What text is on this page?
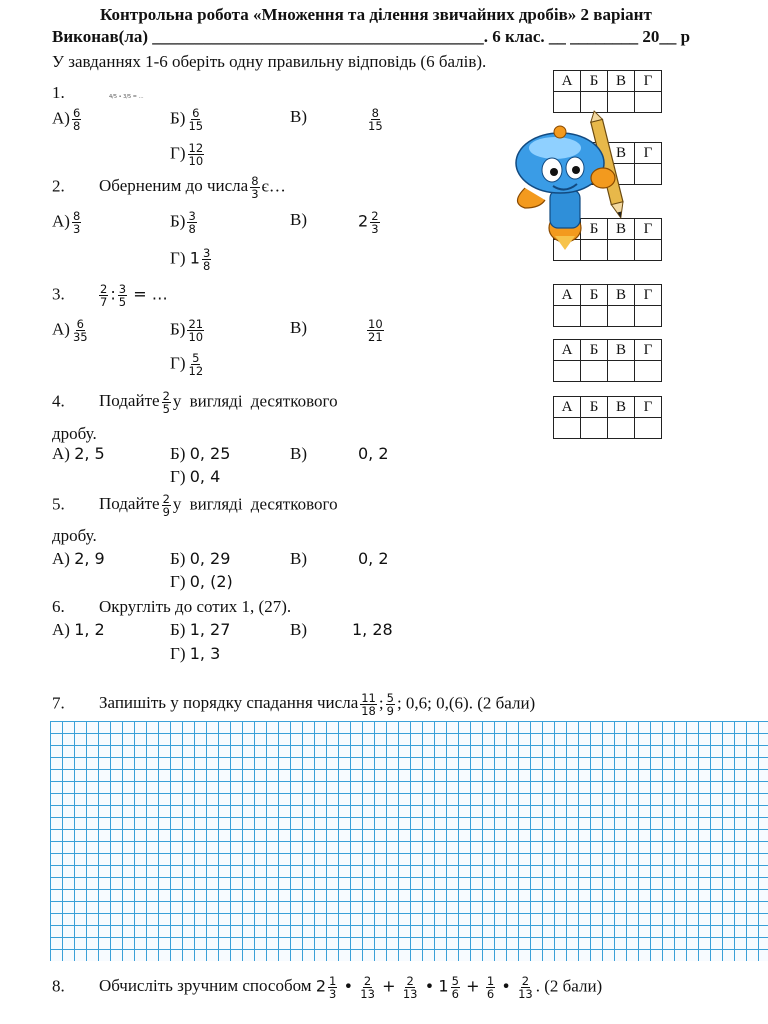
Контрольна робота «Множення та ділення звичайних дробів» 2 варіант
Виконав(ла) _______________________________________. 6 клас. __ ________ 20__ р
У завданнях 1-6 оберіть одну правильну відповідь (6 балів).
А	Б	В	Г

		В	Г

	Б	В	Г

А	Б	В	Г

А	Б	В	Г

А	Б	В	Г

1.	4/5 • 3/5 = …
$А) \frac{6}{8}$	$Б) \frac{6}{15}$	В)	$\frac{8}{15}$
$Г) \frac{12}{10}$
2. Оберненим до числа $\frac{8}{3}$ є…
$А) \frac{8}{3}$	$Б) \frac{3}{8}$	В)	$2 \frac{2}{3}$
Г) $1 \frac{3}{8}$
3.	$\frac{2}{7}$ : $\frac{3}{5}$ = …
$А) \frac{6}{35}$	$Б) \frac{21}{10}$	В)	$\frac{10}{21}$
$Г) \frac{5}{12}$
4. Подайте $\frac{2}{5}$ у вигляді десяткового
дробу.
А) 2, 5	Б) 0, 25	В)	0, 2
Г) 0, 4
5. Подайте $\frac{2}{9}$ у вигляді десяткового
дробу.
А) 2, 9	Б) 0, 29	В)	0, 2
Г) 0, (2)
6. Округліть до сотих 1, (27).
А) 1, 2	Б) 1, 27	В)	1, 28
Г) 1, 3
7. Запишіть у порядку спадання числа $\frac{11}{18}$ ; $\frac{5}{9}$ ; 0,6; 0,(6). (2 бали)
8. Обчисліть зручним способом $2 \frac{1}{3}$ • $\frac{2}{13} + \frac{2}{13}$ • $1 \frac{5}{6} + \frac{1}{6}$ • $\frac{2}{13}$ . (2 бали)
